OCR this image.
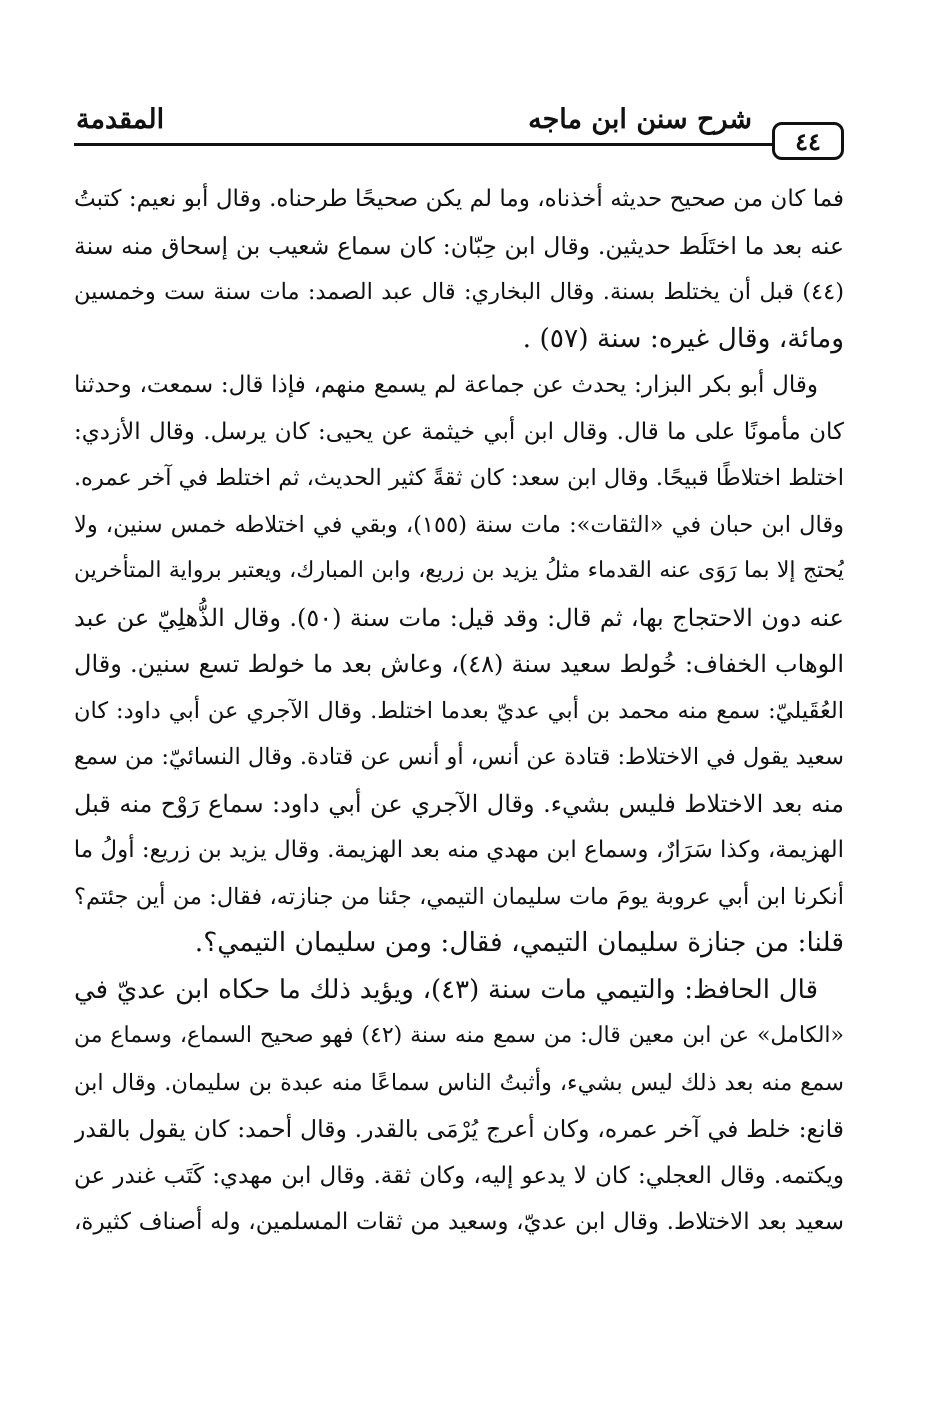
المقدمة	شرح سنن ابن ماجه
٤٤
فما كان من صحيح حديثه أخذناه، وما لم يكن صحيحًا طرحناه. وقال أبو نعيم: كتبتُ
عنه بعد ما اختَلَط حديثين. وقال ابن حِبّان: كان سماع شعيب بن إسحاق منه سنة
(٤٤) قبل أن يختلط بسنة. وقال البخاري: قال عبد الصمد: مات سنة ست وخمسين
ومائة، وقال غيره: سنة (٥٧) .
وقال أبو بكر البزار: يحدث عن جماعة لم يسمع منهم، فإذا قال: سمعت، وحدثنا
كان مأمونًا على ما قال. وقال ابن أبي خيثمة عن يحيى: كان يرسل. وقال الأزدي:
اختلط اختلاطًا قبيحًا. وقال ابن سعد: كان ثقةً كثير الحديث، ثم اختلط في آخر عمره.
وقال ابن حبان في «الثقات»: مات سنة (١٥٥)، وبقي في اختلاطه خمس سنين، ولا
يُحتج إلا بما رَوَى عنه القدماء مثلُ يزيد بن زريع، وابن المبارك، ويعتبر برواية المتأخرين
عنه دون الاحتجاج بها، ثم قال: وقد قيل: مات سنة (٥٠). وقال الذُّهلِيّ عن عبد
الوهاب الخفاف: خُولط سعيد سنة (٤٨)، وعاش بعد ما خولط تسع سنين. وقال
العُقَيليّ: سمع منه محمد بن أبي عديّ بعدما اختلط. وقال الآجري عن أبي داود: كان
سعيد يقول في الاختلاط: قتادة عن أنس، أو أنس عن قتادة. وقال النسائيّ: من سمع
منه بعد الاختلاط فليس بشيء. وقال الآجري عن أبي داود: سماع رَوْح منه قبل
الهزيمة، وكذا سَرَارٌ، وسماع ابن مهدي منه بعد الهزيمة. وقال يزيد بن زريع: أولُ ما
أنكرنا ابن أبي عروبة يومَ مات سليمان التيمي، جئنا من جنازته، فقال: من أين جئتم؟
قلنا: من جنازة سليمان التيمي، فقال: ومن سليمان التيمي؟.
قال الحافظ: والتيمي مات سنة (٤٣)، ويؤيد ذلك ما حكاه ابن عديّ في
«الكامل» عن ابن معين قال: من سمع منه سنة (٤٢) فهو صحيح السماع، وسماع من
سمع منه بعد ذلك ليس بشيء، وأثبتُ الناس سماعًا منه عبدة بن سليمان. وقال ابن
قانع: خلط في آخر عمره، وكان أعرج يُرْمَى بالقدر. وقال أحمد: كان يقول بالقدر
ويكتمه. وقال العجلي: كان لا يدعو إليه، وكان ثقة. وقال ابن مهدي: كَتَب غندر عن
سعيد بعد الاختلاط. وقال ابن عديّ، وسعيد من ثقات المسلمين، وله أصناف كثيرة،
